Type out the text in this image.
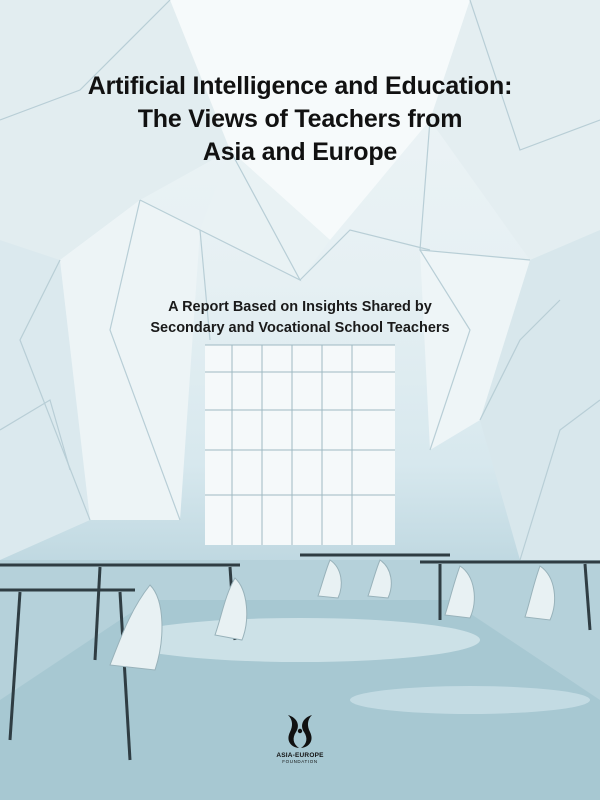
Artificial Intelligence and Education:
The Views of Teachers from
Asia and Europe

A Report Based on Insights Shared by
Secondary and Vocational School Teachers

ASIA-EUROPE
FOUNDATION
